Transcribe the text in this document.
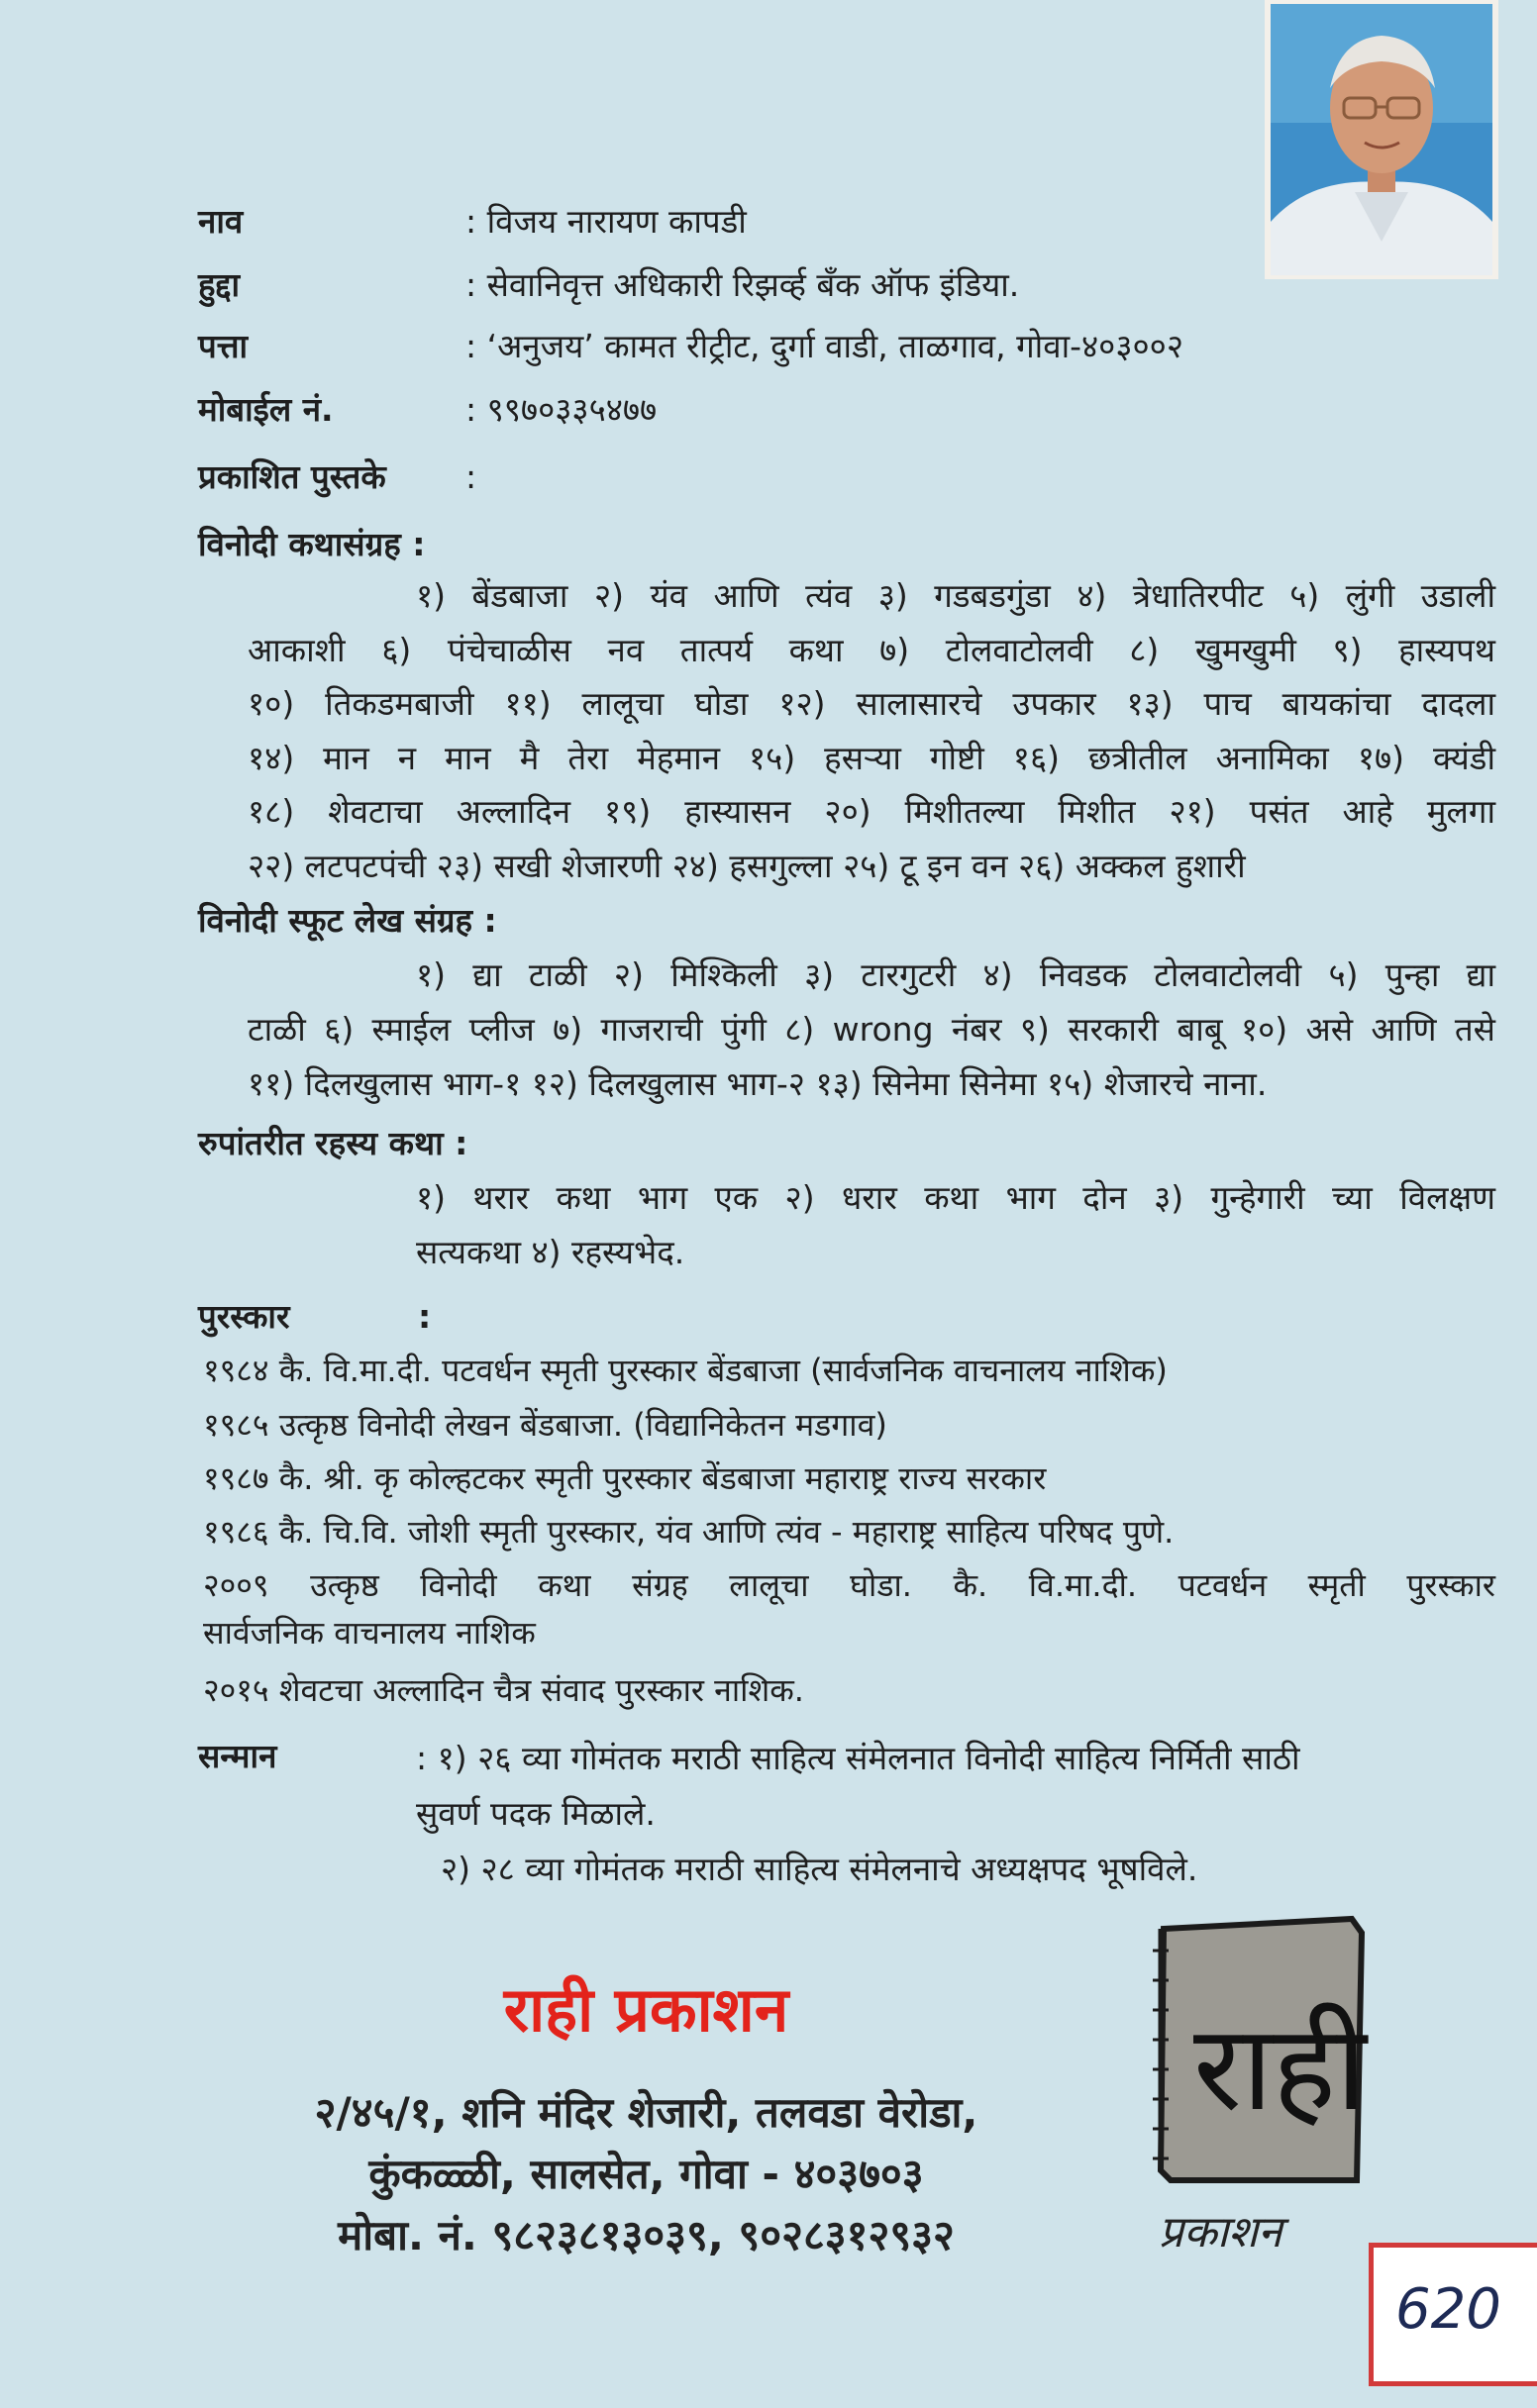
नाव	: विजय नारायण कापडी
हुद्दा	: सेवानिवृत्त अधिकारी रिझर्व्ह बँक ऑफ इंडिया.
पत्ता	: ‘अनुजय’ कामत रीट्रीट, दुर्गा वाडी, ताळगाव, गोवा-४०३००२
मोबाईल नं.	: ९९७०३३५४७७
प्रकाशित पुस्तके :
विनोदी कथासंग्रह :
१) बेंडबाजा २) यंव आणि त्यंव ३) गडबडगुंडा ४) त्रेधातिरपीट ५) लुंगी उडाली
आकाशी ६) पंचेचाळीस नव तात्पर्य कथा ७) टोलवाटोलवी ८) खुमखुमी ९) हास्यपथ
१०) तिकडमबाजी ११) लालूचा घोडा १२) सालासारचे उपकार १३) पाच बायकांचा दादला
१४) मान न मान मै तेरा मेहमान १५) हसऱ्या गोष्टी १६) छत्रीतील अनामिका १७) क्यंडी
१८) शेवटाचा अल्लादिन १९) हास्यासन २०) मिशीतल्या मिशीत २१) पसंत आहे मुलगा
२२) लटपटपंची २३) सखी शेजारणी २४) हसगुल्ला २५) टू इन वन २६) अक्कल हुशारी
विनोदी स्फूट लेख संग्रह :
१) द्या टाळी २) मिश्किली ३) टारगुटरी ४) निवडक टोलवाटोलवी ५) पुन्हा द्या
टाळी ६) स्माईल प्लीज ७) गाजराची पुंगी ८) wrong नंबर ९) सरकारी बाबू १०) असे आणि तसे
११) दिलखुलास भाग-१ १२) दिलखुलास भाग-२ १३) सिनेमा सिनेमा १५) शेजारचे नाना.
रुपांतरीत रहस्य कथा :
१) थरार कथा भाग एक २) धरार कथा भाग दोन ३) गुन्हेगारी च्या विलक्षण
सत्यकथा ४) रहस्यभेद.
पुरस्कार	:
१९८४ कै. वि.मा.दी. पटवर्धन स्मृती पुरस्कार बेंडबाजा (सार्वजनिक वाचनालय नाशिक)
१९८५ उत्कृष्ठ विनोदी लेखन बेंडबाजा. (विद्यानिकेतन मडगाव)
१९८७ कै. श्री. कृ कोल्हटकर स्मृती पुरस्कार बेंडबाजा महाराष्ट्र राज्य सरकार
१९८६ कै. चि.वि. जोशी स्मृती पुरस्कार, यंव आणि त्यंव - महाराष्ट्र साहित्य परिषद पुणे.
२००९ उत्कृष्ठ विनोदी कथा संग्रह लालूचा घोडा. कै. वि.मा.दी. पटवर्धन स्मृती पुरस्कार
सार्वजनिक वाचनालय नाशिक
२०१५ शेवटचा अल्लादिन चैत्र संवाद पुरस्कार नाशिक.
सन्मान	: १) २६ व्या गोमंतक मराठी साहित्य संमेलनात विनोदी साहित्य निर्मिती साठी
सुवर्ण पदक मिळाले.
२) २८ व्या गोमंतक मराठी साहित्य संमेलनाचे अध्यक्षपद भूषविले.
राही प्रकाशन
२/४५/१, शनि मंदिर शेजारी, तलवडा वेरोडा,
कुंकळ्ळी, सालसेत, गोवा - ४०३७०३
मोबा. नं. ९८२३८१३०३९, ९०२८३१२९३२
राही
प्रकाशन
620
